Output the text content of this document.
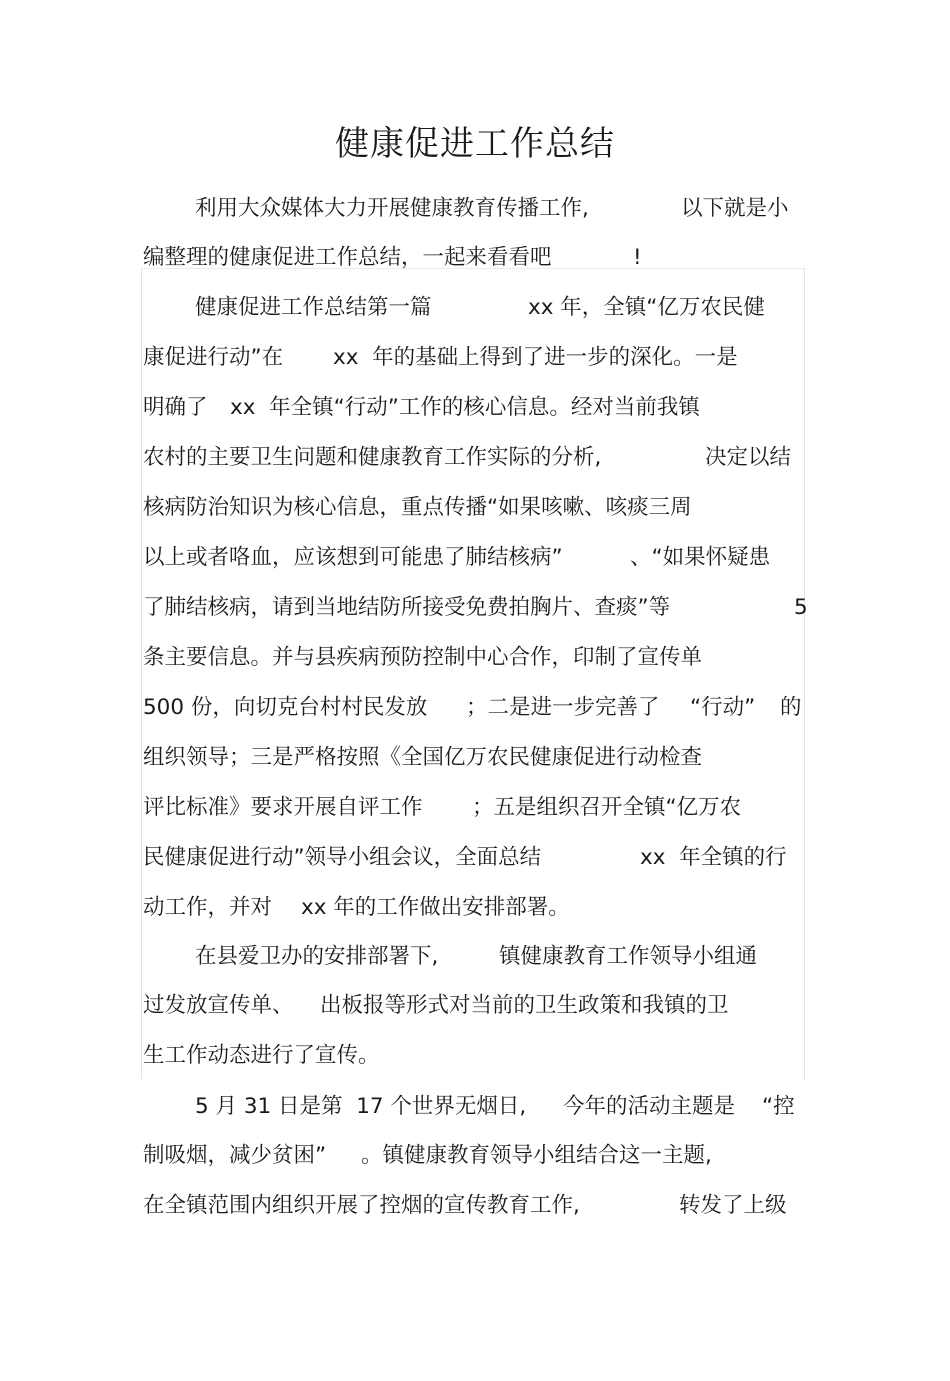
健康促进工作总结

利用大众媒体大力开展健康教育传播工作,

	以下就是小

编整理的健康促进工作总结，一起来看看吧

	!

健康促进工作总结第一篇

	xx 年，全镇“亿万农民健

康促进行动”在

xx  年的基础上得到了进一步的深化。一是

明确了

xx  年全镇“行动”工作的核心信息。经对当前我镇

农村的主要卫生问题和健康教育工作实际的分析,

	决定以结

核病防治知识为核心信息，重点传播“如果咳嗽、咳痰三周

以上或者咯血，应该想到可能患了肺结核病”

	、“如果怀疑患

了肺结核病，请到当地结防所接受免费拍胸片、查痰”等

	5

条主要信息。并与县疾病预防控制中心合作，印制了宣传单

500 份，向切克台村村民发放

；二是进一步完善了

“行动”

的

组织领导；三是严格按照《全国亿万农民健康促进行动检查

评比标准》要求开展自评工作

；五是组织召开全镇“亿万农

民健康促进行动”领导小组会议，全面总结

	xx  年全镇的行

动工作，并对

xx 年的工作做出安排部署。

在县爱卫办的安排部署下,

	镇健康教育工作领导小组通

过发放宣传单、

出板报等形式对当前的卫生政策和我镇的卫

生工作动态进行了宣传。

5 月 31 日是第  17 个世界无烟日,

今年的活动主题是

“控

制吸烟，减少贫困”

。镇健康教育领导小组结合这一主题,

在全镇范围内组织开展了控烟的宣传教育工作,

	转发了上级
